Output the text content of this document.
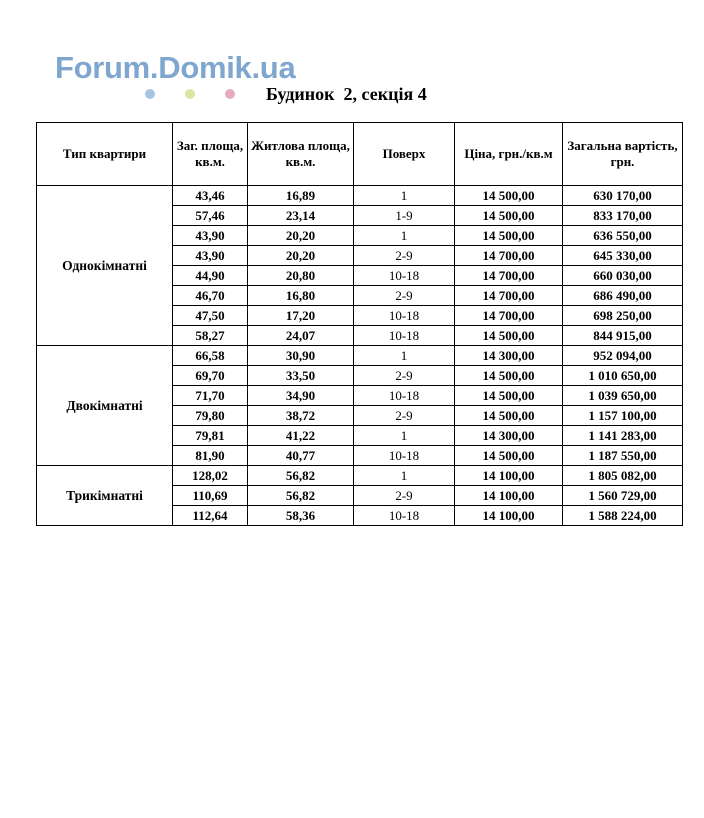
Forum.Domik.ua
Будинок  2, секція 4
Тип квартири	Заг. площа, кв.м.	Житлова площа, кв.м.	Поверх	Ціна, грн./кв.м	Загальна вартість, грн.
Однокімнатні	43,46	16,89	1	14 500,00	630 170,00
	57,46	23,14	1-9	14 500,00	833 170,00
	43,90	20,20	1	14 500,00	636 550,00
	43,90	20,20	2-9	14 700,00	645 330,00
	44,90	20,80	10-18	14 700,00	660 030,00
	46,70	16,80	2-9	14 700,00	686 490,00
	47,50	17,20	10-18	14 700,00	698 250,00
	58,27	24,07	10-18	14 500,00	844 915,00
Двокімнатні	66,58	30,90	1	14 300,00	952 094,00
	69,70	33,50	2-9	14 500,00	1 010 650,00
	71,70	34,90	10-18	14 500,00	1 039 650,00
	79,80	38,72	2-9	14 500,00	1 157 100,00
	79,81	41,22	1	14 300,00	1 141 283,00
	81,90	40,77	10-18	14 500,00	1 187 550,00
Трикімнатні	128,02	56,82	1	14 100,00	1 805 082,00
	110,69	56,82	2-9	14 100,00	1 560 729,00
	112,64	58,36	10-18	14 100,00	1 588 224,00
